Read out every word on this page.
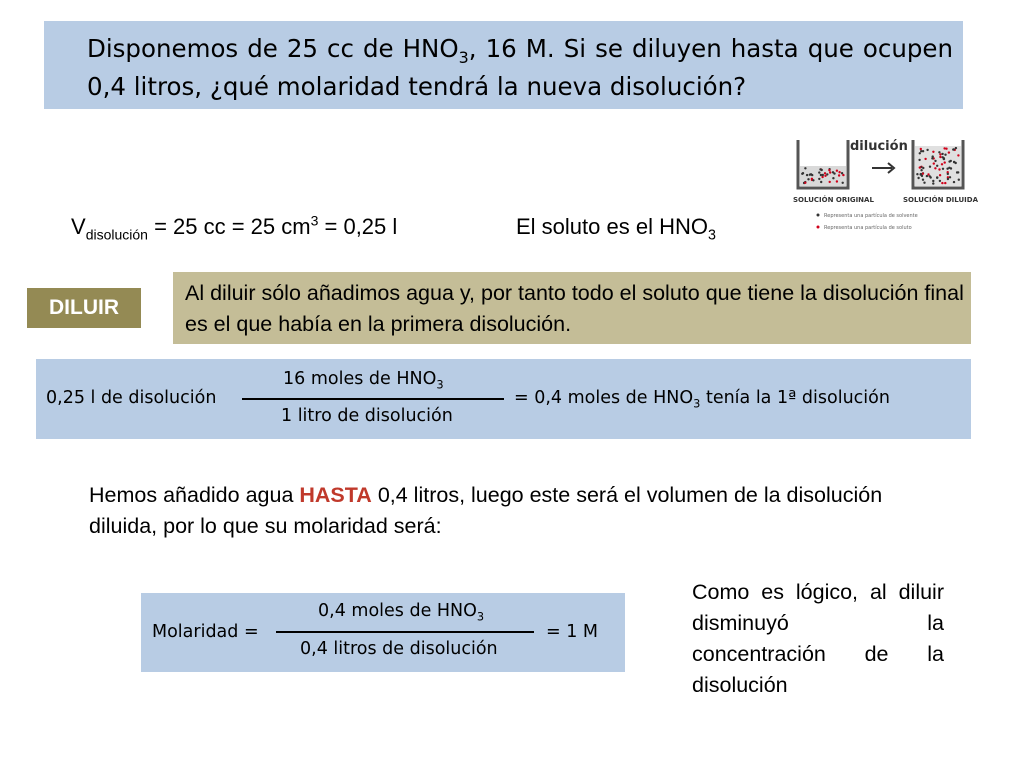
Disponemos de 25 cc de $HNO_3$, 16 M. Si se diluyen hasta que ocupen 0,4 litros, ¿qué molaridad tendrá la nueva disolución?
dilución
SOLUCIÓN ORIGINAL	SOLUCIÓN DILUIDA
Representa una partícula de solvente
Representa una partícula de soluto
$V_{disolución} = 25$ cc = 25 $cm^3 = 0,25$ l	El soluto es el $HNO_3$
Al diluir sólo añadimos agua y, por tanto todo el soluto que tiene la disolución final es el que había en la primera disolución.
DILUIR
0,25 l de disolución
16 moles de $HNO_3$
1 litro de disolución
= 0,4 moles de $HNO_3$ tenía la 1ª disolución
Hemos añadido agua HASTA 0,4 litros, luego este será el volumen de la disolución diluida, por lo que su molaridad será:
Molaridad =
0,4 moles de $HNO_3$
0,4 litros de disolución
= 1 M
Como es lógico, al diluir disminuyó la concentración de la disolución
